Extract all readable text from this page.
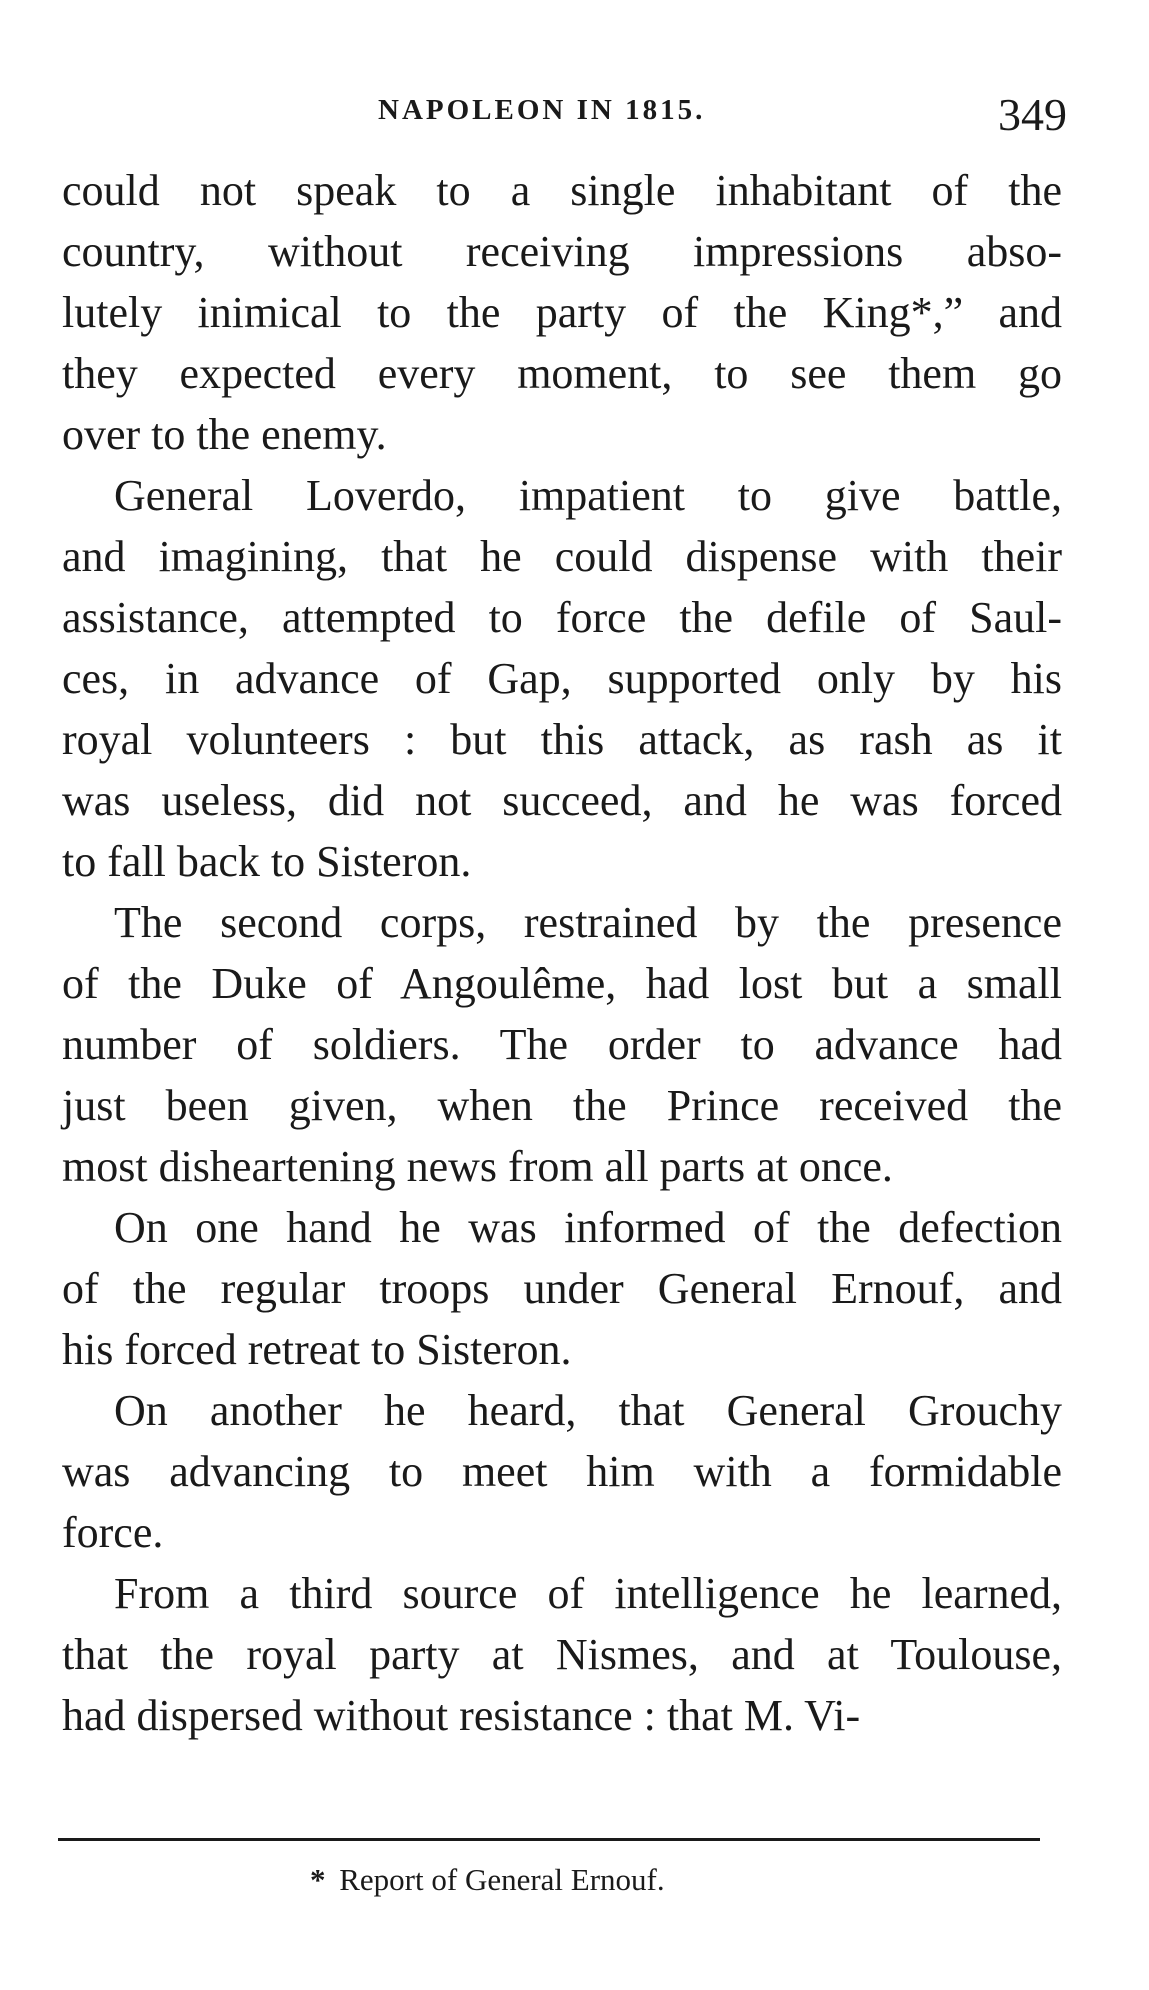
NAPOLEON IN 1815.	349
could not speak to a single inhabitant of the
country, without receiving impressions abso-
lutely inimical to the party of the King*,” and
they expected every moment, to see them go
over to the enemy.
General Loverdo, impatient to give battle,
and imagining, that he could dispense with their
assistance, attempted to force the defile of Saul-
ces, in advance of Gap, supported only by his
royal volunteers : but this attack, as rash as it
was useless, did not succeed, and he was forced
to fall back to Sisteron.
The second corps, restrained by the presence
of the Duke of Angoulême, had lost but a small
number of soldiers. The order to advance had
just been given, when the Prince received the
most disheartening news from all parts at once.
On one hand he was informed of the defection
of the regular troops under General Ernouf, and
his forced retreat to Sisteron.
On another he heard, that General Grouchy
was advancing to meet him with a formidable
force.
From a third source of intelligence he learned,
that the royal party at Nismes, and at Toulouse,
had dispersed without resistance : that M. Vi-
* Report of General Ernouf.
